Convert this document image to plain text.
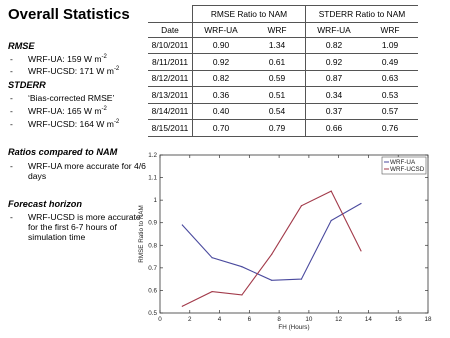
Overall Statistics
RMSE
- WRF-UA: 159 W $m^{-2}$
- WRF-UCSD: 171 W $m^{-2}$
STDERR
- ‘Bias-corrected RMSE’
- WRF-UA: 165 W $m^{-2}$
- WRF-UCSD: 164 W $m^{-2}$
Ratios compared to NAM
- WRF-UA more accurate for 4/6 days
Forecast horizon
- WRF-UCSD is more accurate for the first 6-7 hours of simulation time
	RMSE Ratio to NAM		STDERR Ratio to NAM	
Date	WRF-UA	WRF	WRF-UA	WRF
8/10/2011	0.90	1.34	0.82	1.09
8/11/2011	0.92	0.61	0.92	0.49
8/12/2011	0.82	0.59	0.87	0.63
8/13/2011	0.36	0.51	0.34	0.53
8/14/2011	0.40	0.54	0.37	0.57
8/15/2011	0.70	0.79	0.66	0.76
0	2	4	6	8	10	12	14	16	18
0.5
0.6
0.7
0.8
0.9
1
1.1
1.2
FH (Hours)
RMSE Ratio to NAM
WRF-UA
WRF-UCSD
